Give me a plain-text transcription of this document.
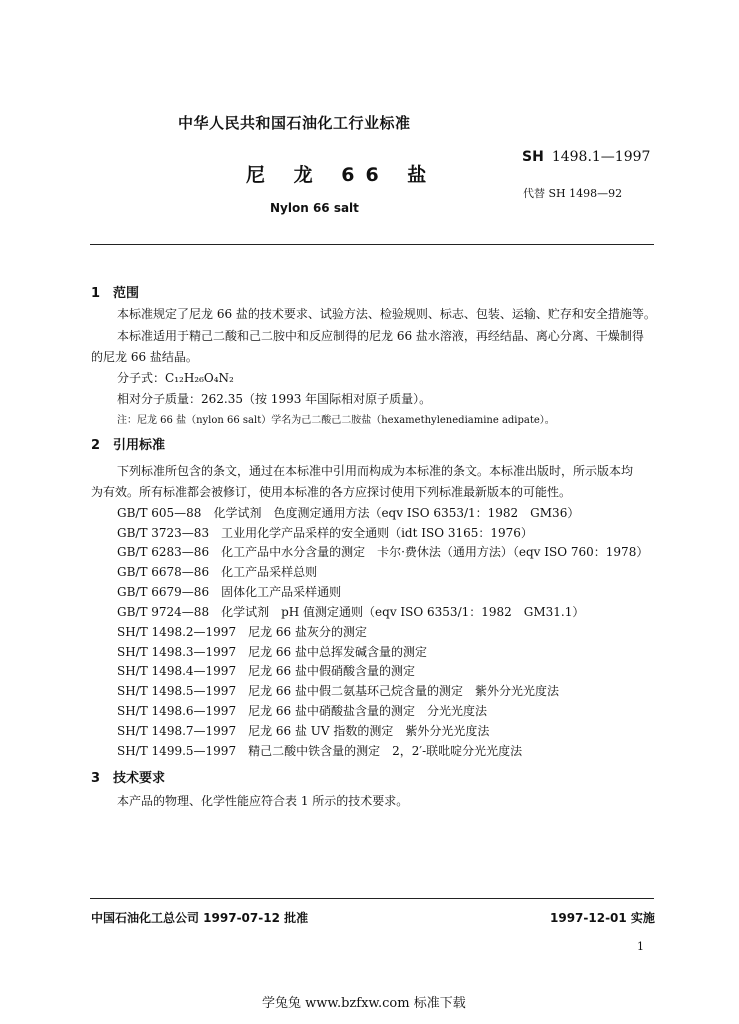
中华人民共和国石油化工行业标准
SH 1498.1—1997
尼 龙 66 盐
代替 SH 1498—92
Nylon 66 salt
1 范围
本标准规定了尼龙 66 盐的技术要求、试验方法、检验规则、标志、包装、运输、贮存和安全措施等。
本标准适用于精己二酸和己二胺中和反应制得的尼龙 66 盐水溶液，再经结晶、离心分离、干燥制得
的尼龙 66 盐结晶。
分子式：C₁₂H₂₆O₄N₂
相对分子质量：262.35（按 1993 年国际相对原子质量）。
注：尼龙 66 盐（nylon 66 salt）学名为己二酸己二胺盐（hexamethylenediamine adipate）。
2 引用标准
下列标准所包含的条文，通过在本标准中引用而构成为本标准的条文。本标准出版时，所示版本均
为有效。所有标准都会被修订，使用本标准的各方应探讨使用下列标准最新版本的可能性。
GB/T 605—88　化学试剂　色度测定通用方法（eqv ISO 6353/1：1982　GM36）
GB/T 3723—83　工业用化学产品采样的安全通则（idt ISO 3165：1976）
GB/T 6283—86　化工产品中水分含量的测定　卡尔·费休法（通用方法）（eqv ISO 760：1978）
GB/T 6678—86　化工产品采样总则
GB/T 6679—86　固体化工产品采样通则
GB/T 9724—88　化学试剂　pH 值测定通则（eqv ISO 6353/1：1982　GM31.1）
SH/T 1498.2—1997　尼龙 66 盐灰分的测定
SH/T 1498.3—1997　尼龙 66 盐中总挥发碱含量的测定
SH/T 1498.4—1997　尼龙 66 盐中假硝酸含量的测定
SH/T 1498.5—1997　尼龙 66 盐中假二氨基环己烷含量的测定　紫外分光光度法
SH/T 1498.6—1997　尼龙 66 盐中硝酸盐含量的测定　分光光度法
SH/T 1498.7—1997　尼龙 66 盐 UV 指数的测定　紫外分光光度法
SH/T 1499.5—1997　精己二酸中铁含量的测定　2，2′-联吡啶分光光度法
3 技术要求
本产品的物理、化学性能应符合表 1 所示的技术要求。
中国石油化工总公司 1997-07-12 批准	1997-12-01 实施
1
学兔兔 www.bzfxw.com 标准下载
